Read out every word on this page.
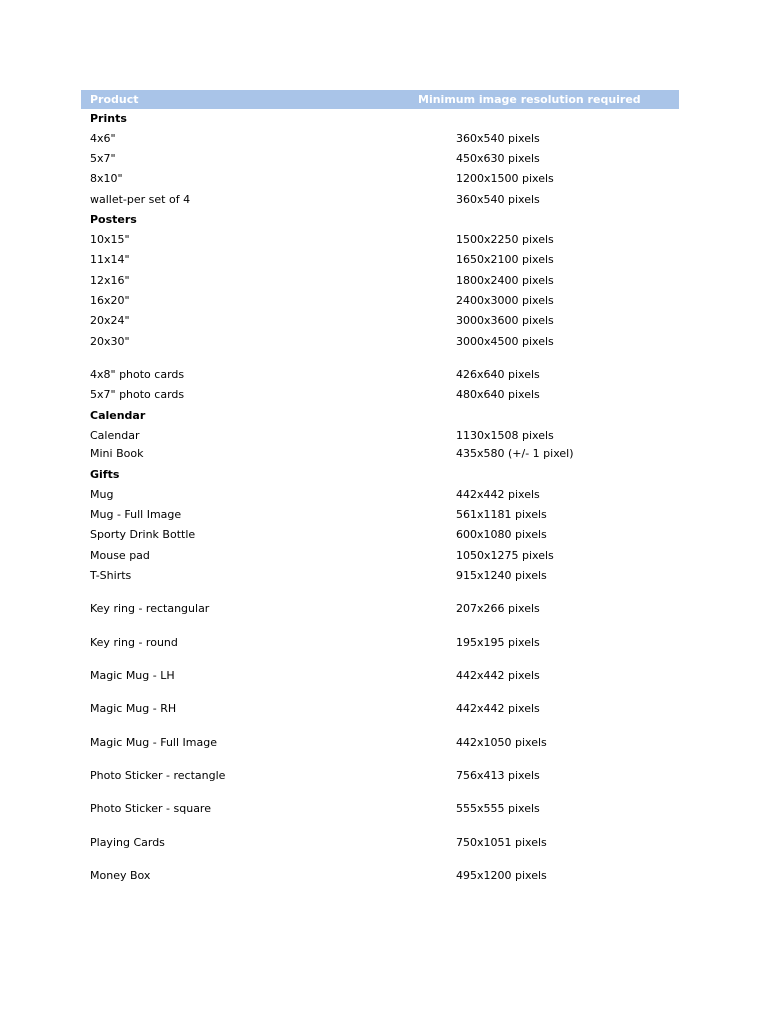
Product	Minimum image resolution required
Prints
4x6"	360x540 pixels
5x7"	450x630 pixels
8x10"	1200x1500 pixels
wallet-per set of 4	360x540 pixels
Posters
10x15"	1500x2250 pixels
11x14"	1650x2100 pixels
12x16"	1800x2400 pixels
16x20"	2400x3000 pixels
20x24"	3000x3600 pixels
20x30"	3000x4500 pixels
4x8" photo cards	426x640 pixels
5x7" photo cards	480x640 pixels
Calendar
Calendar	1130x1508 pixels
Mini Book	435x580 (+/- 1 pixel)
Gifts
Mug	442x442 pixels
Mug - Full Image	561x1181 pixels
Sporty Drink Bottle	600x1080 pixels
Mouse pad	1050x1275 pixels
T-Shirts	915x1240 pixels
Key ring - rectangular	207x266 pixels
Key ring - round	195x195 pixels
Magic Mug - LH	442x442 pixels
Magic Mug - RH	442x442 pixels
Magic Mug - Full Image	442x1050 pixels
Photo Sticker - rectangle	756x413 pixels
Photo Sticker - square	555x555 pixels
Playing Cards	750x1051 pixels
Money Box	495x1200 pixels
